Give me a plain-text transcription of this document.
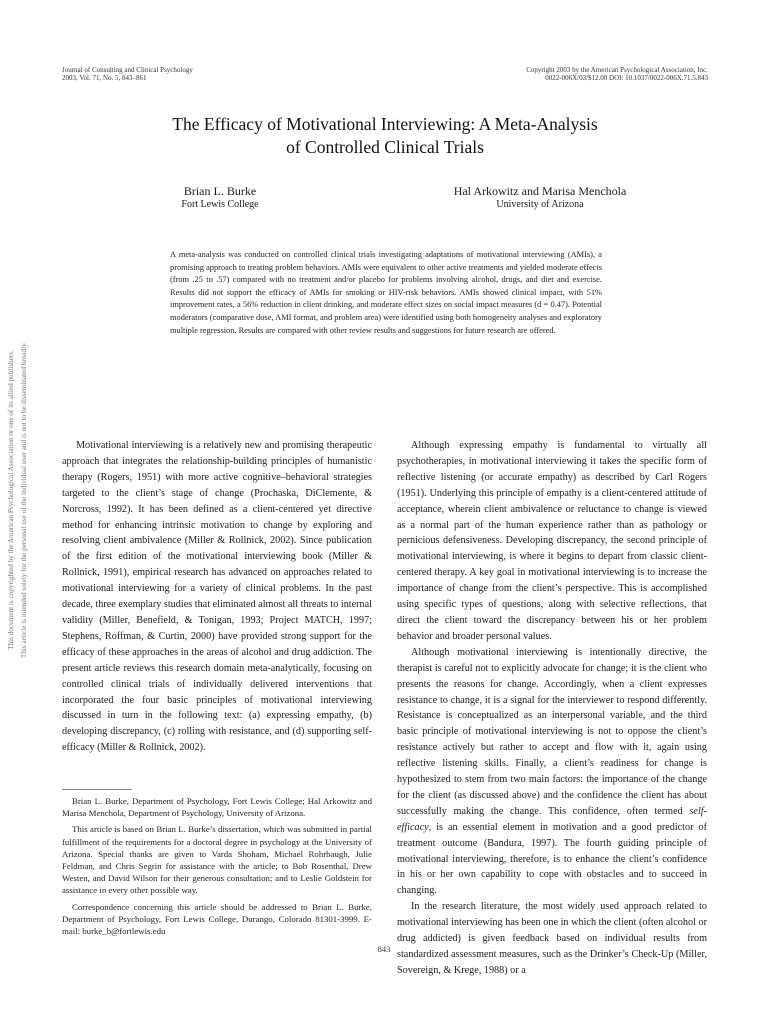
Journal of Consulting and Clinical Psychology
2003, Vol. 71, No. 5, 843–861
Copyright 2003 by the American Psychological Association, Inc.
0022-006X/03/$12.00 DOI: 10.1037/0022-006X.71.5.843
The Efficacy of Motivational Interviewing: A Meta-Analysis
of Controlled Clinical Trials
Brian L. Burke
Fort Lewis College
Hal Arkowitz and Marisa Menchola
University of Arizona
A meta-analysis was conducted on controlled clinical trials investigating adaptations of motivational interviewing (AMIs), a promising approach to treating problem behaviors. AMIs were equivalent to other active treatments and yielded moderate effects (from .25 to .57) compared with no treatment and/or placebo for problems involving alcohol, drugs, and diet and exercise. Results did not support the efficacy of AMIs for smoking or HIV-risk behaviors. AMIs showed clinical impact, with 51% improvement rates, a 56% reduction in client drinking, and moderate effect sizes on social impact measures (d = 0.47). Potential moderators (comparative dose, AMI format, and problem area) were identified using both homogeneity analyses and exploratory multiple regression. Results are compared with other review results and suggestions for future research are offered.
This document is copyrighted by the American Psychological Association or one of its allied publishers. This article is intended solely for the personal use of the individual user and is not to be disseminated broadly.	Motivational interviewing is a relatively new and promising therapeutic approach that integrates the relationship-building principles of humanistic therapy (Rogers, 1951) with more active cognitive–behavioral strategies targeted to the client’s stage of change (Prochaska, DiClemente, & Norcross, 1992). It has been defined as a client-centered yet directive method for enhancing intrinsic motivation to change by exploring and resolving client ambivalence (Miller & Rollnick, 2002). Since publication of the first edition of the motivational interviewing book (Miller & Rollnick, 1991), empirical research has advanced on approaches related to motivational interviewing for a variety of clinical problems. In the past decade, three exemplary studies that eliminated almost all threats to internal validity (Miller, Benefield, & Tonigan, 1993; Project MATCH, 1997; Stephens, Roffman, & Curtin, 2000) have provided strong support for the efficacy of these approaches in the areas of alcohol and drug addiction. The present article reviews this research domain meta-analytically, focusing on controlled clinical trials of individually delivered interventions that incorporated the four basic principles of motivational interviewing discussed in turn in the following text: (a) expressing empathy, (b) developing discrepancy, (c) rolling with resistance, and (d) supporting self-efficacy (Miller & Rollnick, 2002).

Brian L. Burke, Department of Psychology, Fort Lewis College; Hal Arkowitz and Marisa Menchola, Department of Psychology, University of Arizona.

This article is based on Brian L. Burke’s dissertation, which was submitted in partial fulfillment of the requirements for a doctoral degree in psychology at the University of Arizona. Special thanks are given to Varda Shoham, Michael Rohrbaugh, Julie Feldman, and Chris Segrin for assistance with the article; to Bob Rosenthal, Drew Westen, and David Wilson for their generous consultation; and to Leslie Goldstein for assistance in every other possible way.

Correspondence concerning this article should be addressed to Brian L. Burke, Department of Psychology, Fort Lewis College, Durango, Colorado 81301-3999. E-mail: burke_b@fortlewis.edu

Although expressing empathy is fundamental to virtually all psychotherapies, in motivational interviewing it takes the specific form of reflective listening (or accurate empathy) as described by Carl Rogers (1951). Underlying this principle of empathy is a client-centered attitude of acceptance, wherein client ambivalence or reluctance to change is viewed as a normal part of the human experience rather than as pathology or pernicious defensiveness. Developing discrepancy, the second principle of motivational interviewing, is where it begins to depart from classic client-centered therapy. A key goal in motivational interviewing is to increase the importance of change from the client’s perspective. This is accomplished using specific types of questions, along with selective reflections, that direct the client toward the discrepancy between his or her problem behavior and broader personal values.

Although motivational interviewing is intentionally directive, the therapist is careful not to explicitly advocate for change; it is the client who presents the reasons for change. Accordingly, when a client expresses resistance to change, it is a signal for the interviewer to respond differently. Resistance is conceptualized as an interpersonal variable, and the third basic principle of motivational interviewing is not to oppose the client’s resistance actively but rather to accept and flow with it, again using reflective listening skills. Finally, a client’s readiness for change is hypothesized to stem from two main factors: the importance of the change for the client (as discussed above) and the confidence the client has about successfully making the change. This confidence, often termed self-efficacy, is an essential element in motivation and a good predictor of treatment outcome (Bandura, 1997). The fourth guiding principle of motivational interviewing, therefore, is to enhance the client’s confidence in his or her own capability to cope with obstacles and to succeed in changing.

In the research literature, the most widely used approach related to motivational interviewing has been one in which the client (often alcohol or drug addicted) is given feedback based on individual results from standardized assessment measures, such as the Drinker’s Check-Up (Miller, Sovereign, & Krege, 1988) or a

843
